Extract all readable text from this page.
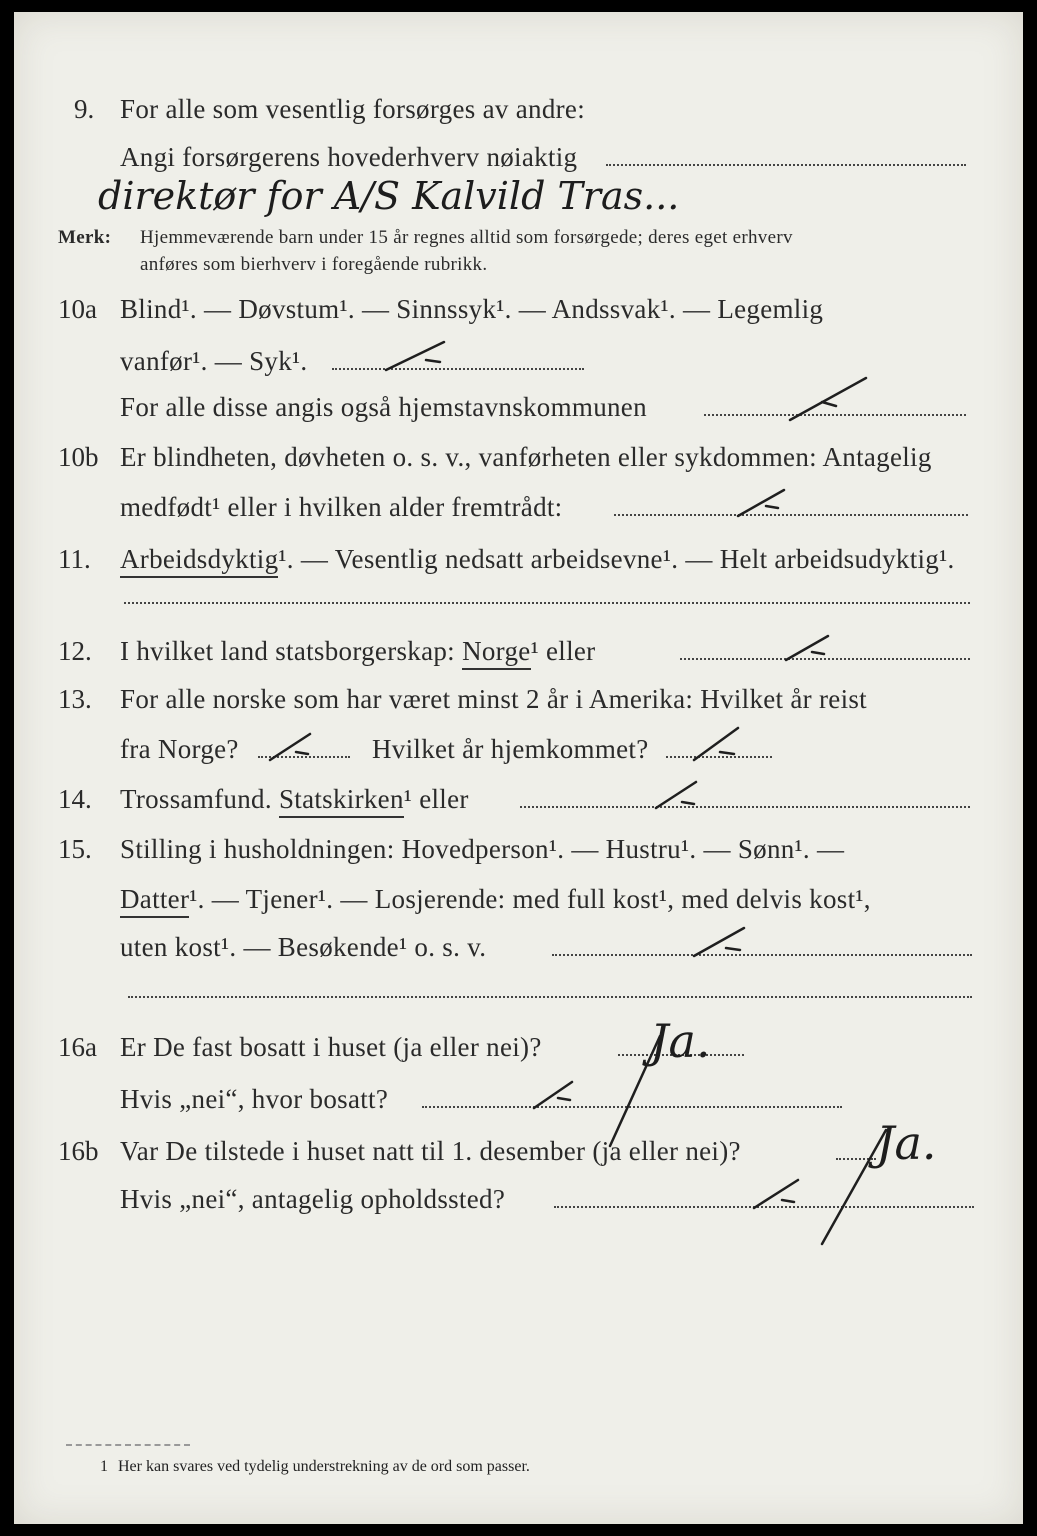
9. For alle som vesentlig forsørges av andre:
Angi forsørgerens hovederhverv nøiaktig
direktør for A/S Kalvild Tras...
Merk: Hjemmeværende barn under 15 år regnes alltid som forsørgede; deres eget erhverv
anføres som bierhverv i foregående rubrikk.
10a Blind¹. — Døvstum¹. — Sinnssyk¹. — Andssvak¹. — Legemlig
vanfør¹. — Syk¹.
For alle disse angis også hjemstavnskommunen
10b Er blindheten, døvheten o. s. v., vanførheten eller sykdommen: Antagelig
medfødt¹ eller i hvilken alder fremtrådt:
11. Arbeidsdyktig¹. — Vesentlig nedsatt arbeidsevne¹. — Helt arbeidsudyktig¹.
12. I hvilket land statsborgerskap: Norge¹ eller
13. For alle norske som har været minst 2 år i Amerika: Hvilket år reist
fra Norge?	Hvilket år hjemkommet?
14. Trossamfund. Statskirken¹ eller
15. Stilling i husholdningen: Hovedperson¹. — Hustru¹. — Sønn¹. —
Datter¹. — Tjener¹. — Losjerende: med full kost¹, med delvis kost¹,
uten kost¹. — Besøkende¹ o. s. v.
16a Er De fast bosatt i huset (ja eller nei)? Ja.
Hvis „nei“, hvor bosatt?
16b Var De tilstede i huset natt til 1. desember (ja eller nei)?	Ja.
Hvis „nei“, antagelig opholdssted?
1 Her kan svares ved tydelig understrekning av de ord som passer.
